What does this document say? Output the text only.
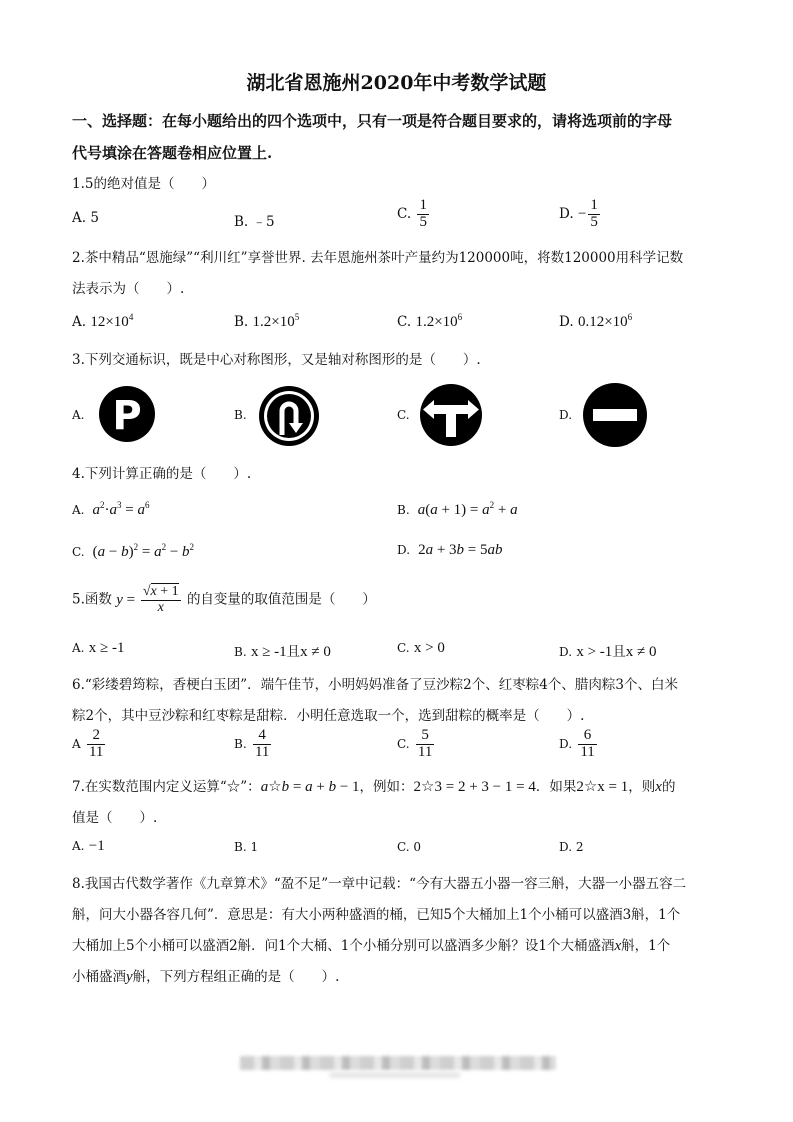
湖北省恩施州2020年中考数学试题
一、选择题：在每小题给出的四个选项中，只有一项是符合题目要求的，请将选项前的字母
代号填涂在答题卷相应位置上.
1.5的绝对值是（　　）
A. 5	B. ﹣5
C. $\frac{1}{5}$	D. − $\frac{1}{5}$
2.茶中精品“恩施绿”“利川红”享誉世界. 去年恩施州茶叶产量约为120000吨，将数120000用科学记数
法表示为（　　）.
A. $12\times 10^4$	B. $1.2\times 10^5$	C. $1.2\times 10^6$	D. $0.12\times 10^6$
3.下列交通标识，既是中心对称图形，又是轴对称图形的是（　　）.
A. P	B.	C.	D.
4.下列计算正确的是（　　）.
A. $a^2\cdot a^3 = a^6$	B. $a(a + 1) = a^2 + a$
C.  $(a - b)^2 = a^2 - b^2$	D.  2a + 3b = 5ab
5.函数 $y = \frac{√x + 1}{x}$ 的自变量的取值范围是（　　）
A. x ≥ -1	B. x ≥ -1且x ≠ 0	C. x > 0	D. x > -1且x ≠ 0
6.“彩缕碧筠粽，香梗白玉团”．端午佳节，小明妈妈准备了豆沙粽2个、红枣粽4个、腊肉粽3个、白米
粽2个，其中豆沙粽和红枣粽是甜粽．小明任意选取一个，选到甜粽的概率是（　　）.
A $\frac{2}{11}$	B. $\frac{4}{11}$	C. $\frac{5}{11}$	D. $\frac{6}{11}$
7.在实数范围内定义运算“☆”：a☆b = a + b − 1，例如：2☆3 = 2 + 3 − 1 = 4．如果2☆x = 1，则x的
值是（　　）.
A. −1	B. 1	C. 0	D. 2
8.我国古代数学著作《九章算术》“盈不足”一章中记载：“今有大器五小器一容三斛，大器一小器五容二
斛，问大小器各容几何”．意思是：有大小两种盛酒的桶，已知5个大桶加上1个小桶可以盛酒3斛，1个
大桶加上5个小桶可以盛酒2斛．问1个大桶、1个小桶分别可以盛酒多少斛？设1个大桶盛酒x斛，1个
小桶盛酒y斛，下列方程组正确的是（　　）.
